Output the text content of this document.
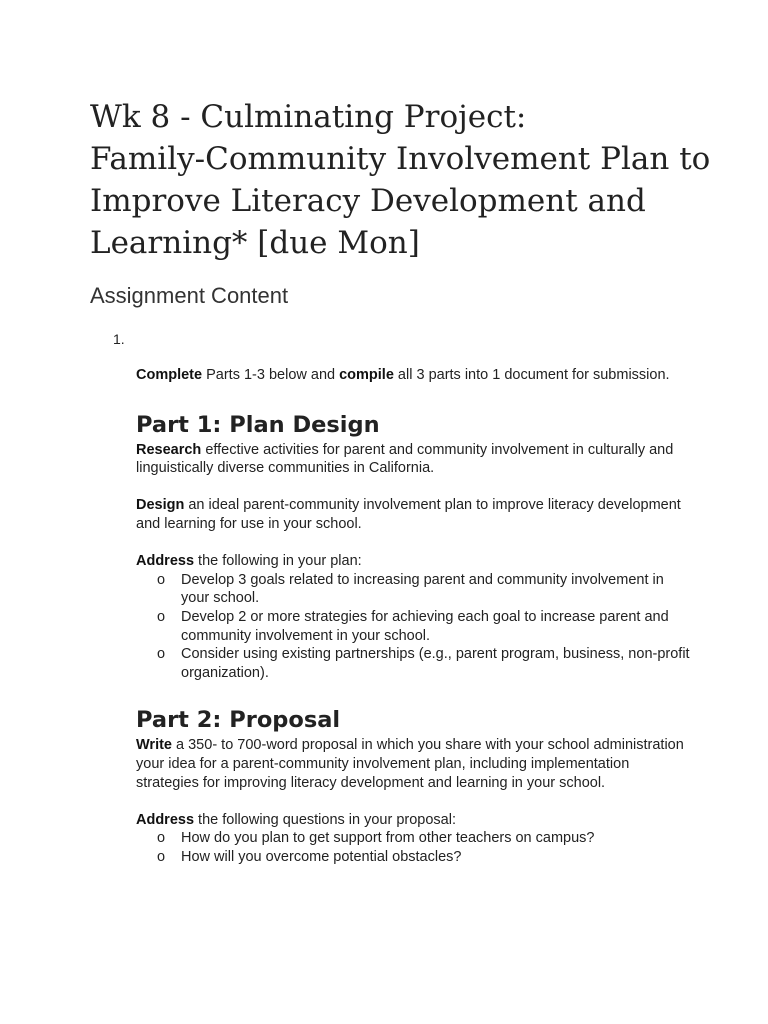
Wk 8 - Culminating Project:
Family-Community Involvement Plan to
Improve Literacy Development and
Learning* [due Mon]
Assignment Content
1.

Complete Parts 1-3 below and compile all 3 parts into 1 document for submission.

Part 1: Plan Design

Research effective activities for parent and community involvement in culturally and linguistically diverse communities in California.

Design an ideal parent-community involvement plan to improve literacy development and learning for use in your school.

Address the following in your plan:

o Develop 3 goals related to increasing parent and community involvement in your school.
o Develop 2 or more strategies for achieving each goal to increase parent and community involvement in your school.
o Consider using existing partnerships (e.g., parent program, business, non-profit organization).
Part 2: Proposal

Write a 350- to 700-word proposal in which you share with your school administration your idea for a parent-community involvement plan, including implementation strategies for improving literacy development and learning in your school.

Address the following questions in your proposal:

o How do you plan to get support from other teachers on campus?
o How will you overcome potential obstacles?
